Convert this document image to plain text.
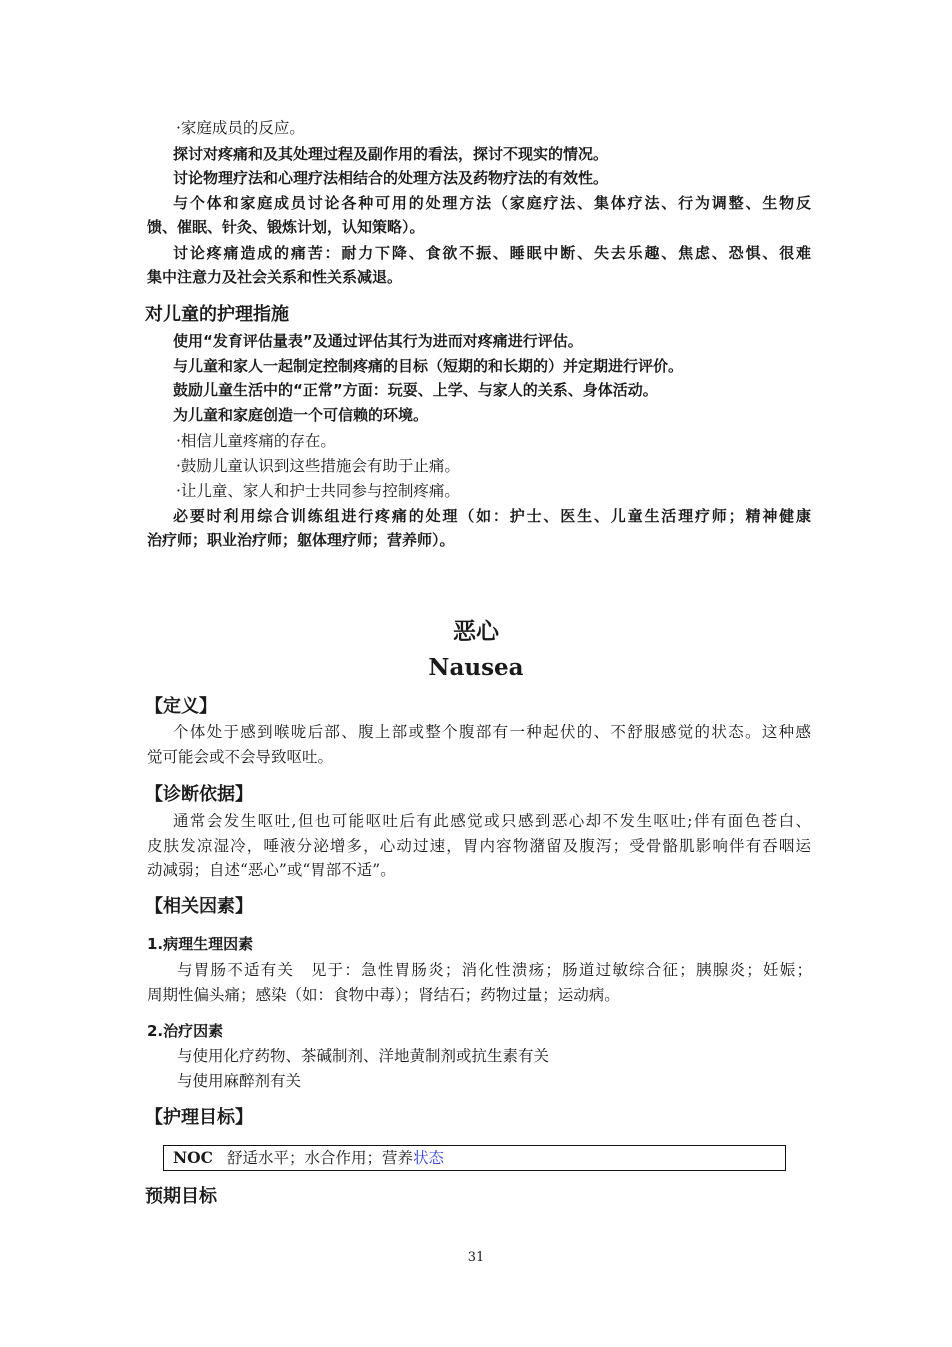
·家庭成员的反应。
探讨对疼痛和及其处理过程及副作用的看法，探讨不现实的情况。
讨论物理疗法和心理疗法相结合的处理方法及药物疗法的有效性。
与个体和家庭成员讨论各种可用的处理方法（家庭疗法、集体疗法、行为调整、生物反
馈、催眠、针灸、锻炼计划，认知策略）。
讨论疼痛造成的痛苦：耐力下降、食欲不振、睡眠中断、失去乐趣、焦虑、恐惧、很难
集中注意力及社会关系和性关系减退。
对儿童的护理指施
使用“发育评估量表”及通过评估其行为进而对疼痛进行评估。
与儿童和家人一起制定控制疼痛的目标（短期的和长期的）并定期进行评价。
鼓励儿童生活中的“正常”方面：玩耍、上学、与家人的关系、身体活动。
为儿童和家庭创造一个可信赖的环境。
·相信儿童疼痛的存在。
·鼓励儿童认识到这些措施会有助于止痛。
·让儿童、家人和护士共同参与控制疼痛。
必要时利用综合训练组进行疼痛的处理（如：护士、医生、儿童生活理疗师；精神健康
治疗师；职业治疗师；躯体理疗师；营养师）。
恶心
Nausea
【定义】
个体处于感到喉咙后部、腹上部或整个腹部有一种起伏的、不舒服感觉的状态。这种感
觉可能会或不会导致呕吐。
【诊断依据】
通常会发生呕吐,但也可能呕吐后有此感觉或只感到恶心却不发生呕吐;伴有面色苍白、
皮肤发凉湿冷，唾液分泌增多，心动过速，胃内容物潴留及腹泻；受骨骼肌影响伴有吞咽运
动减弱；自述“恶心”或“胃部不适”。
【相关因素】
1.病理生理因素
与胃肠不适有关　见于：急性胃肠炎；消化性溃疡；肠道过敏综合征；胰腺炎；妊娠；
周期性偏头痛；感染（如：食物中毒）；肾结石；药物过量；运动病。
2.治疗因素
与使用化疗药物、茶碱制剂、洋地黄制剂或抗生素有关
与使用麻醉剂有关
【护理目标】
NOC 舒适水平；水合作用；营养状态
预期目标
31
